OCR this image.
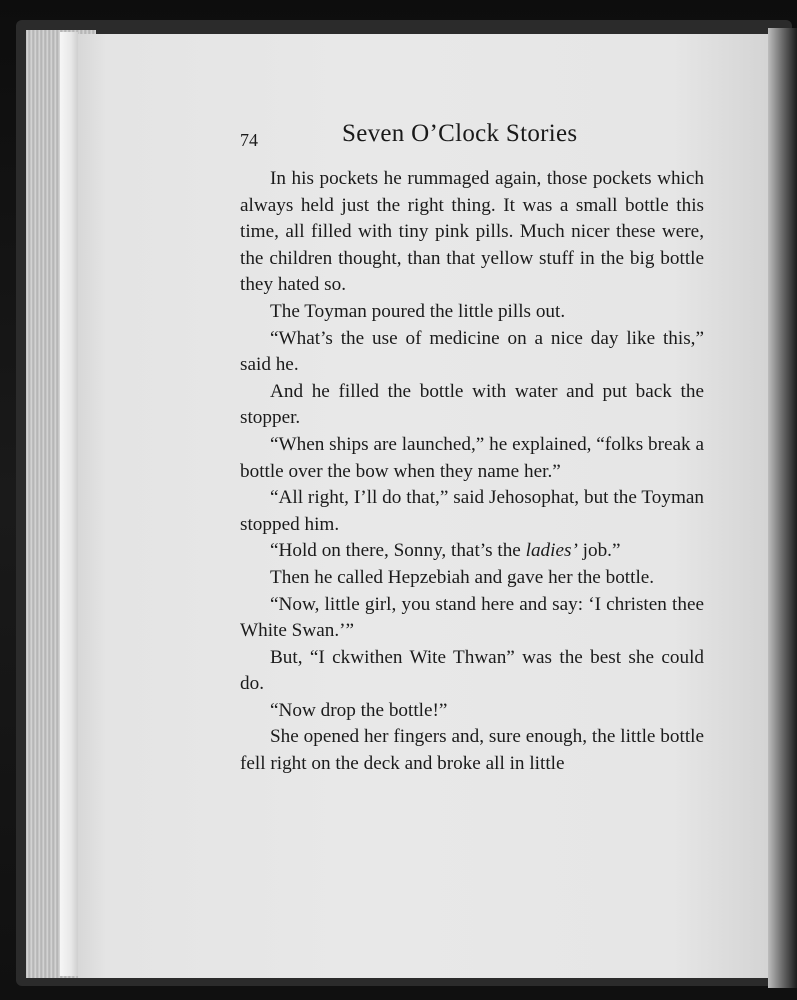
74	Seven O’Clock Stories

In his pockets he rummaged again, those pockets which always held just the right thing. It was a small bottle this time, all filled with tiny pink pills. Much nicer these were, the children thought, than that yellow stuff in the big bottle they hated so.

The Toyman poured the little pills out.

“What’s the use of medicine on a nice day like this,” said he.

And he filled the bottle with water and put back the stopper.

“When ships are launched,” he explained, “folks break a bottle over the bow when they name her.”

“All right, I’ll do that,” said Jehosophat, but the Toyman stopped him.

“Hold on there, Sonny, that’s the ladies’ job.”

Then he called Hepzebiah and gave her the bottle.

“Now, little girl, you stand here and say: ‘I christen thee White Swan.’”

But, “I ckwithen Wite Thwan” was the best she could do.

“Now drop the bottle!”

She opened her fingers and, sure enough, the little bottle fell right on the deck and broke all in little
